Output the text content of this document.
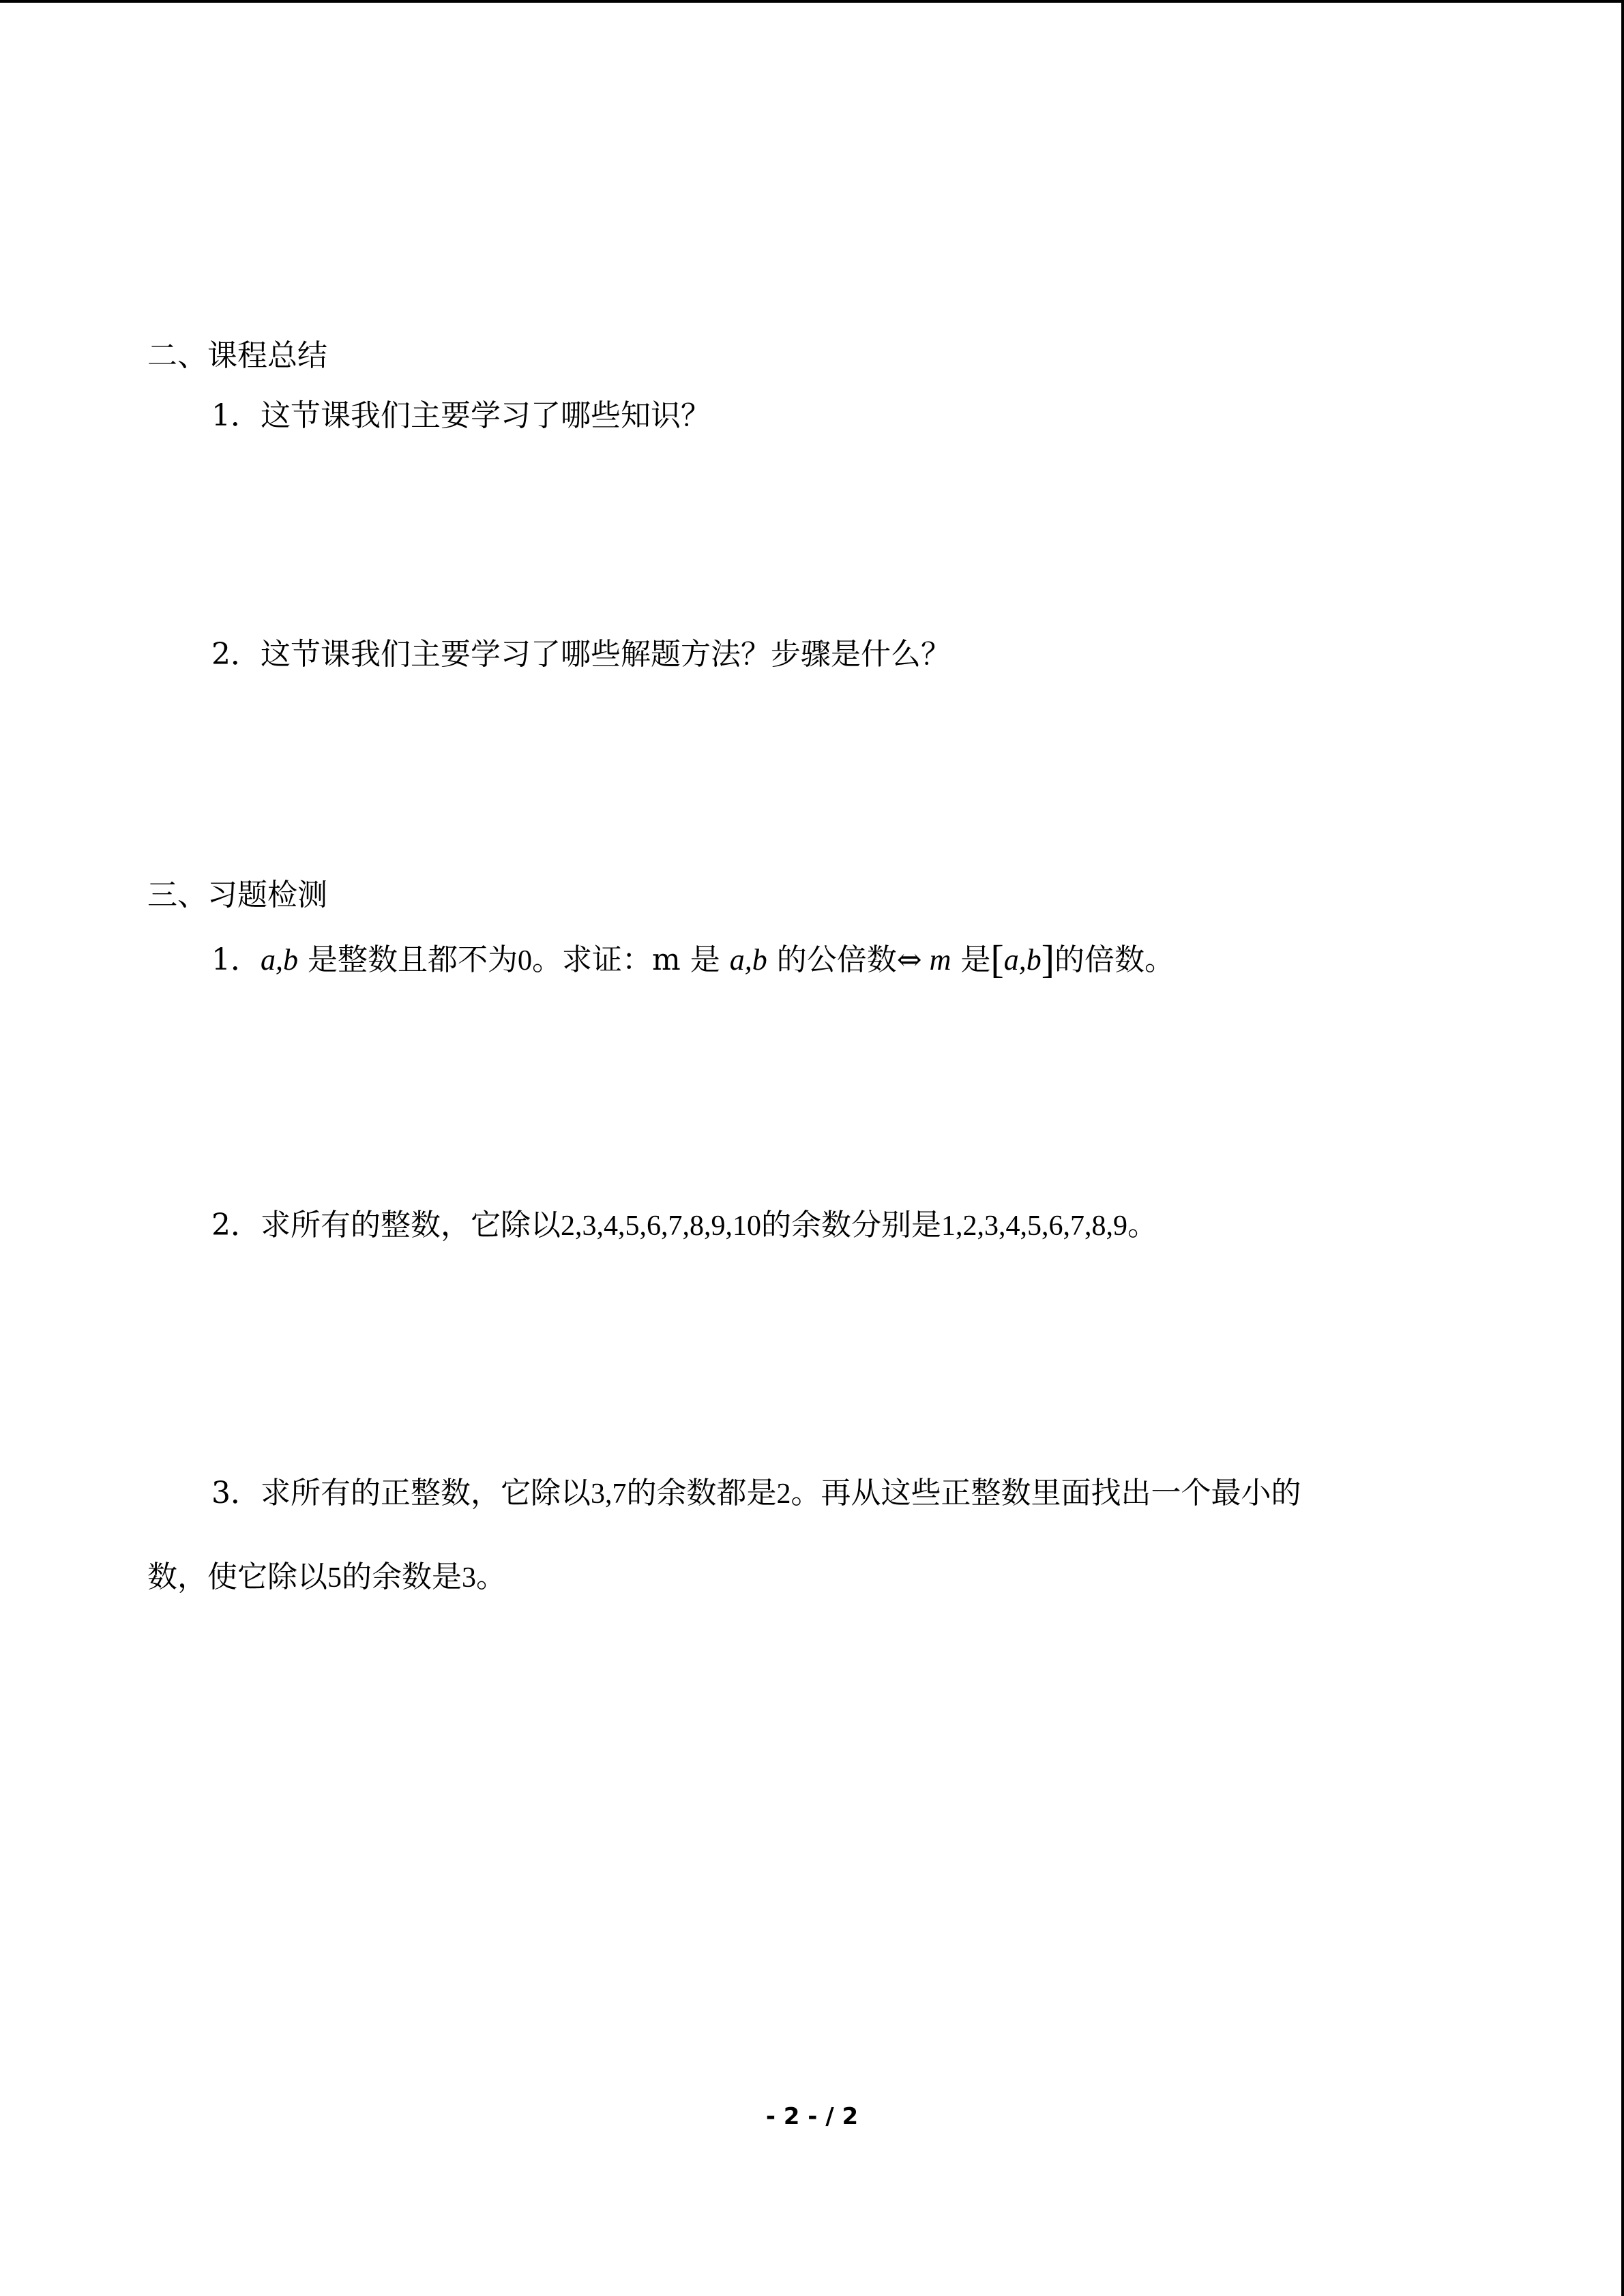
二、课程总结
1．这节课我们主要学习了哪些知识？
2．这节课我们主要学习了哪些解题方法？步骤是什么？
三、习题检测
1．a,b 是整数且都不为0。求证：m 是 a,b 的公倍数⇔ m 是[a,b]的倍数。
2．求所有的整数，它除以2,3,4,5,6,7,8,9,10的余数分别是1,2,3,4,5,6,7,8,9。
3．求所有的正整数，它除以3,7的余数都是2。再从这些正整数里面找出一个最小的
数，使它除以5的余数是3。
- 2 - / 2
